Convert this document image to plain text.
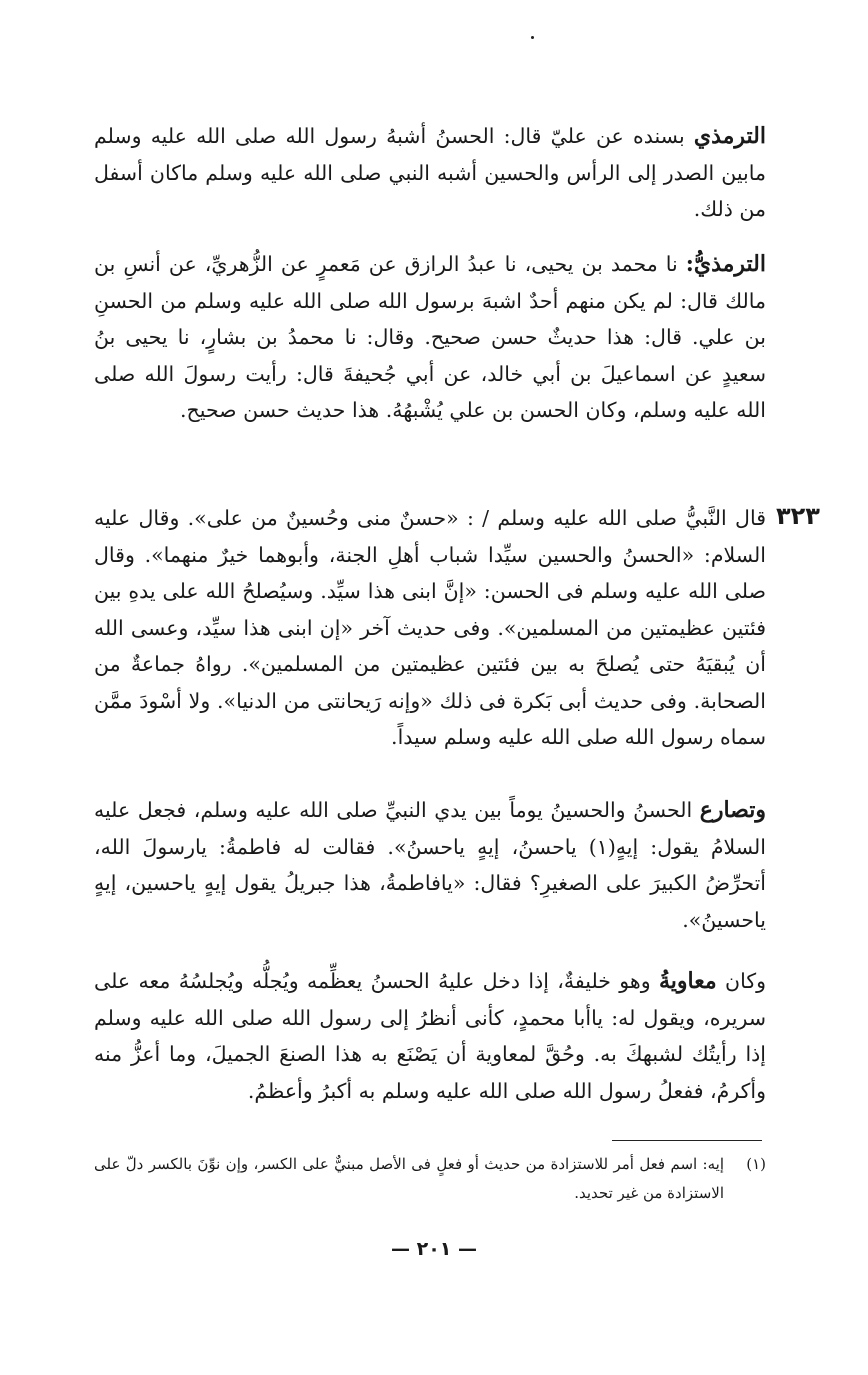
الترمذي بسنده عن عليّ قال: الحسنُ أشبهُ رسول الله صلى الله عليه وسلم مابين الصدر إلى الرأس والحسين أشبه النبي صلى الله عليه وسلم ماكان أسفل من ذلك.

الترمذيُّ: نا محمد بن يحيى، نا عبدُ الرازق عن مَعمرٍ عن الزُّهريِّ، عن أنسِ بن مالك قال: لم يكن منهم أحدٌ اشبهَ برسول الله صلى الله عليه وسلم من الحسنِ بن علي. قال: هذا حديثٌ حسن صحيح. وقال: نا محمدُ بن بشارٍ، نا يحيى بنُ سعيدٍ عن اسماعيلَ بن أبي خالد، عن أبي جُحيفةَ قال: رأيت رسولَ الله صلى الله عليه وسلم، وكان الحسن بن علي يُشْبهُهُ. هذا حديث حسن صحيح.

٣٢٣

قال النَّبيُّ صلى الله عليه وسلم / : «حسنٌ منى وحُسينٌ من على». وقال عليه السلام: «الحسنُ والحسين سيِّدا شباب أهلِ الجنة، وأبوهما خيرٌ منهما». وقال صلى الله عليه وسلم فى الحسن: «إنَّ ابنى هذا سيِّد. وسيُصلحُ الله على يدهِ بين فئتين عظيمتين من المسلمين». وفى حديث آخر «إن ابنى هذا سيِّد، وعسى الله أن يُبقيَهُ حتى يُصلحَ به بين فئتين عظيمتين من المسلمين». رواهُ جماعةٌ من الصحابة. وفى حديث أبى بَكرة فى ذلك «وإنه رَيحانتى من الدنيا». ولا أسْودَ ممَّن سماه رسول الله صلى الله عليه وسلم سيداً.

وتصارع الحسنُ والحسينُ يوماً بين يدي النبيِّ صلى الله عليه وسلم، فجعل عليه السلامُ يقول: إيهٍ(١) ياحسنُ، إيهٍ ياحسنُ». فقالت له فاطمةُ: يارسولَ الله، أتحرِّضُ الكبيرَ على الصغيرِ؟ فقال: «يافاطمةُ، هذا جبريلُ يقول إيهٍ ياحسين، إيهٍ ياحسينُ».

وكان معاويةُ وهو خليفةٌ، إذا دخل عليهُ الحسنُ يعظِّمه ويُجلُّه ويُجلسُهُ معه على سريره، ويقول له: ياأبا محمدٍ، كأنى أنظرُ إلى رسول الله صلى الله عليه وسلم إذا رأيتُك لشبهكَ به. وحُقَّ لمعاوية أن يَصْنَع به هذا الصنعَ الجميلَ، وما أعزُّ منه وأكرمُ، ففعلُ رسول الله صلى الله عليه وسلم به أكبرُ وأعظمُ.

(١)
إيه: اسم فعل أمر للاستزادة من حديث أو فعلٍ فى الأصل مبنيٌّ على الكسر، وإن نوِّنَ بالكسر دلّ على الاستزادة من غير تحديد.
— ٢٠١ —
